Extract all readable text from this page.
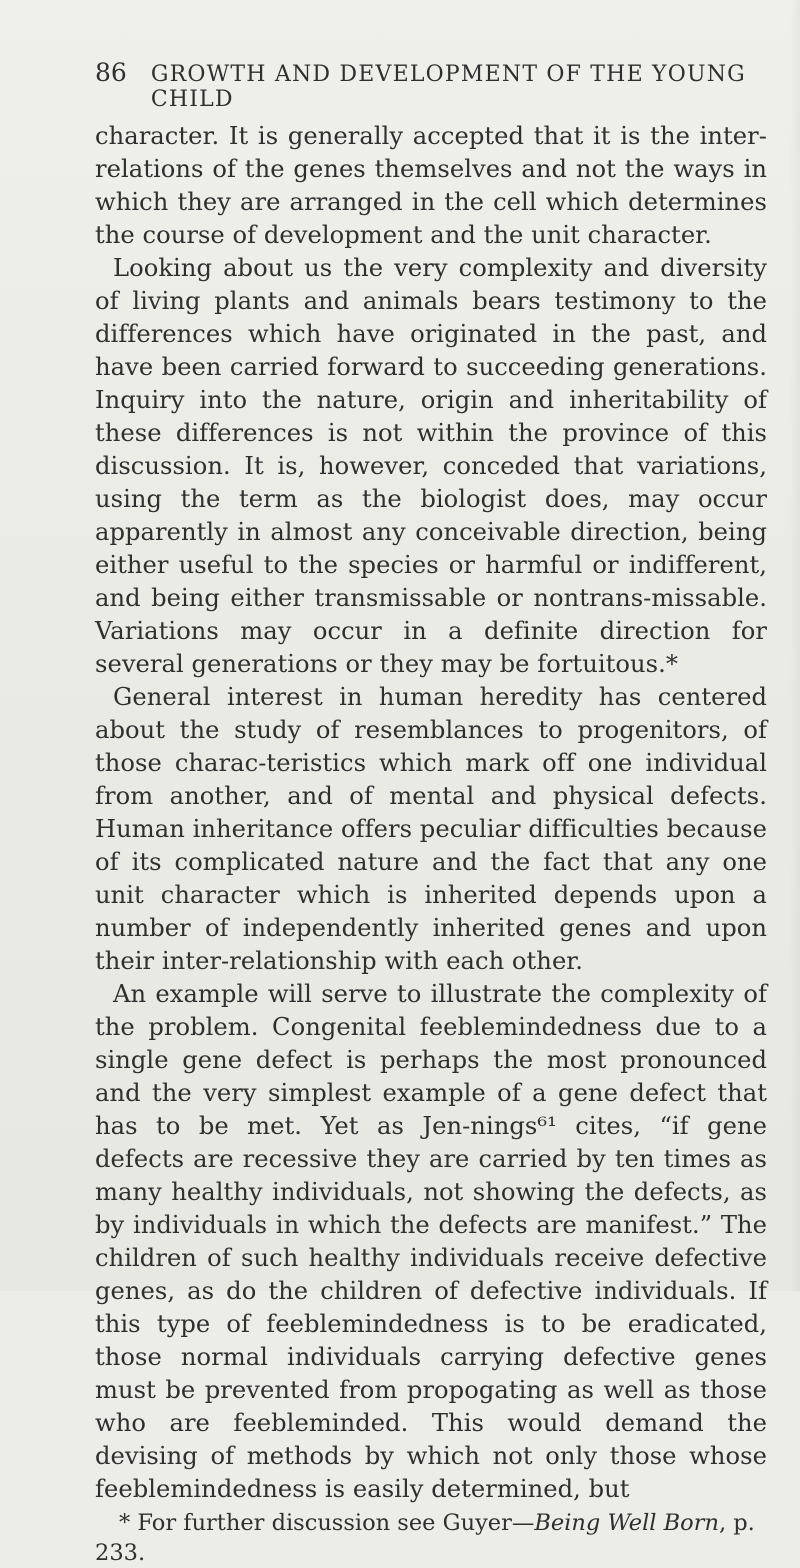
86 GROWTH AND DEVELOPMENT OF THE YOUNG CHILD

character. It is generally accepted that it is the inter-relations of the genes themselves and not the ways in which they are arranged in the cell which determines the course of development and the unit character.

Looking about us the very complexity and diversity of living plants and animals bears testimony to the differences which have originated in the past, and have been carried forward to succeeding generations. Inquiry into the nature, origin and inheritability of these differences is not within the province of this discussion. It is, however, conceded that variations, using the term as the biologist does, may occur apparently in almost any conceivable direction, being either useful to the species or harmful or indifferent, and being either transmissable or nontrans-missable. Variations may occur in a definite direction for several generations or they may be fortuitous.*

General interest in human heredity has centered about the study of resemblances to progenitors, of those charac-teristics which mark off one individual from another, and of mental and physical defects. Human inheritance offers peculiar difficulties because of its complicated nature and the fact that any one unit character which is inherited depends upon a number of independently inherited genes and upon their inter-relationship with each other.

An example will serve to illustrate the complexity of the problem. Congenital feeblemindedness due to a single gene defect is perhaps the most pronounced and the very simplest example of a gene defect that has to be met. Yet as Jen-nings⁶¹ cites, “if gene defects are recessive they are carried by ten times as many healthy individuals, not showing the defects, as by individuals in which the defects are manifest.” The children of such healthy individuals receive defective genes, as do the children of defective individuals. If this type of feeblemindedness is to be eradicated, those normal individuals carrying defective genes must be prevented from propogating as well as those who are feebleminded. This would demand the devising of methods by which not only those whose feeblemindedness is easily determined, but

* For further discussion see Guyer—Being Well Born, p. 233.
